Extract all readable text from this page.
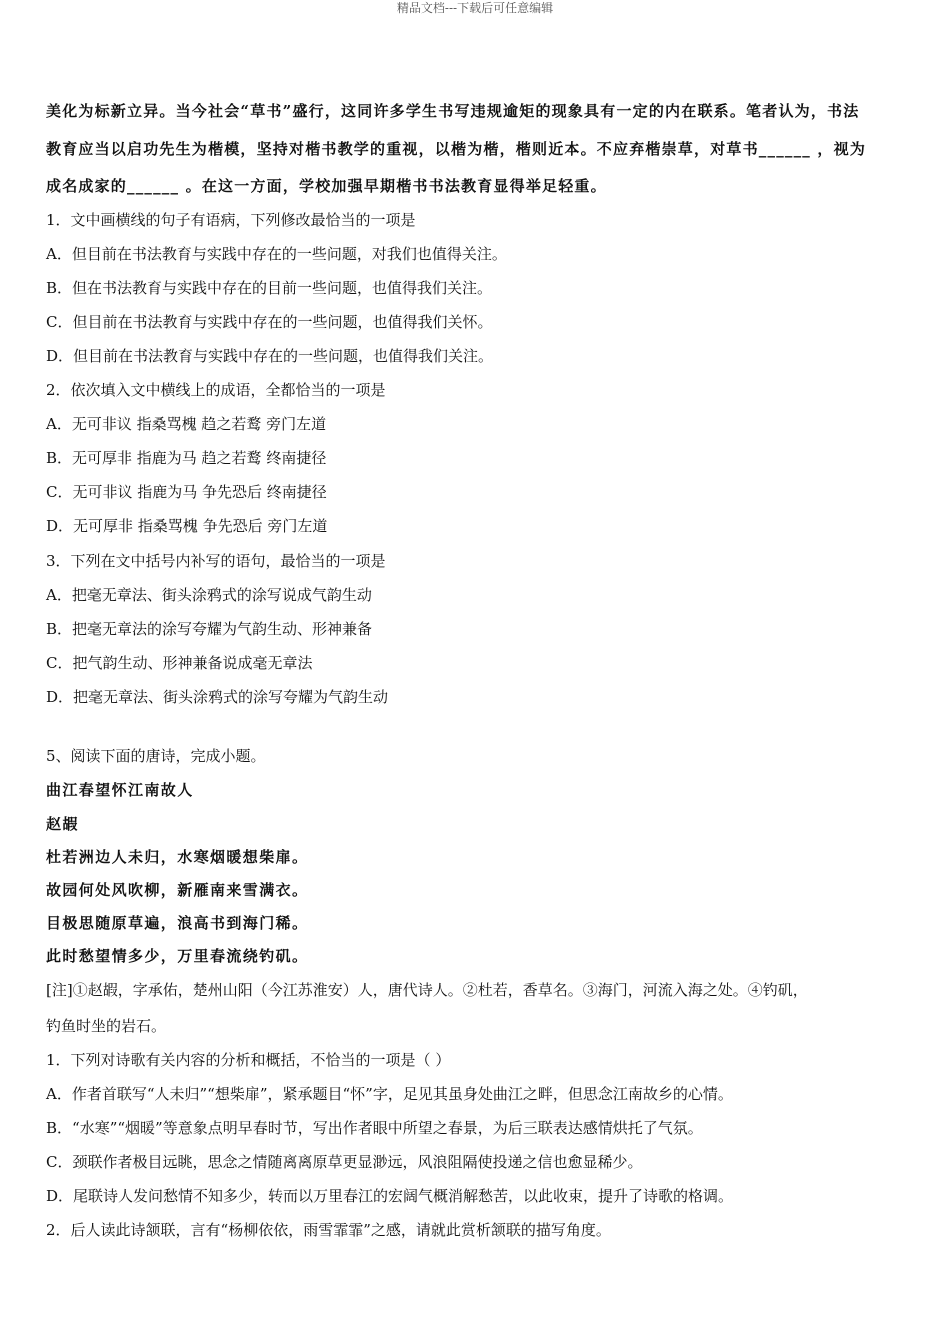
精品文档---下载后可任意编辑
美化为标新立异。当今社会“草书”盛行，这同许多学生书写违规逾矩的现象具有一定的内在联系。笔者认为，书法
教育应当以启功先生为楷模，坚持对楷书教学的重视，以楷为楷，楷则近本。不应弃楷崇草，对草书______ ，视为
成名成家的______ 。在这一方面，学校加强早期楷书书法教育显得举足轻重。
1．文中画横线的句子有语病，下列修改最恰当的一项是
A．但目前在书法教育与实践中存在的一些问题，对我们也值得关注。
B．但在书法教育与实践中存在的目前一些问题，也值得我们关注。
C．但目前在书法教育与实践中存在的一些问题，也值得我们关怀。
D．但目前在书法教育与实践中存在的一些问题，也值得我们关注。
2．依次填入文中横线上的成语，全都恰当的一项是
A．无可非议 指桑骂槐 趋之若鹜 旁门左道
B．无可厚非 指鹿为马 趋之若鹜 终南捷径
C．无可非议 指鹿为马 争先恐后 终南捷径
D．无可厚非 指桑骂槐 争先恐后 旁门左道
3．下列在文中括号内补写的语句，最恰当的一项是
A．把毫无章法、街头涂鸦式的涂写说成气韵生动
B．把毫无章法的涂写夸耀为气韵生动、形神兼备
C．把气韵生动、形神兼备说成毫无章法
D．把毫无章法、街头涂鸦式的涂写夸耀为气韵生动
5、阅读下面的唐诗，完成小题。
曲江春望怀江南故人
赵嘏
杜若洲边人未归，水寒烟暖想柴扉。
故园何处风吹柳，新雁南来雪满衣。
目极思随原草遍，浪高书到海门稀。
此时愁望情多少，万里春流绕钓矶。
[注]①赵嘏，字承佑，楚州山阳（今江苏淮安）人，唐代诗人。②杜若，香草名。③海门，河流入海之处。④钓矶，
钓鱼时坐的岩石。
1．下列对诗歌有关内容的分析和概括，不恰当的一项是（ ）
A．作者首联写“人未归”“想柴扉”，紧承题目“怀”字，足见其虽身处曲江之畔，但思念江南故乡的心情。
B．“水寒”“烟暖”等意象点明早春时节，写出作者眼中所望之春景，为后三联表达感情烘托了气氛。
C．颈联作者极目远眺，思念之情随离离原草更显渺远，风浪阻隔使投递之信也愈显稀少。
D．尾联诗人发问愁情不知多少，转而以万里春江的宏阔气概消解愁苦，以此收束，提升了诗歌的格调。
2．后人读此诗颔联，言有“杨柳依依，雨雪霏霏”之感，请就此赏析颔联的描写角度。
